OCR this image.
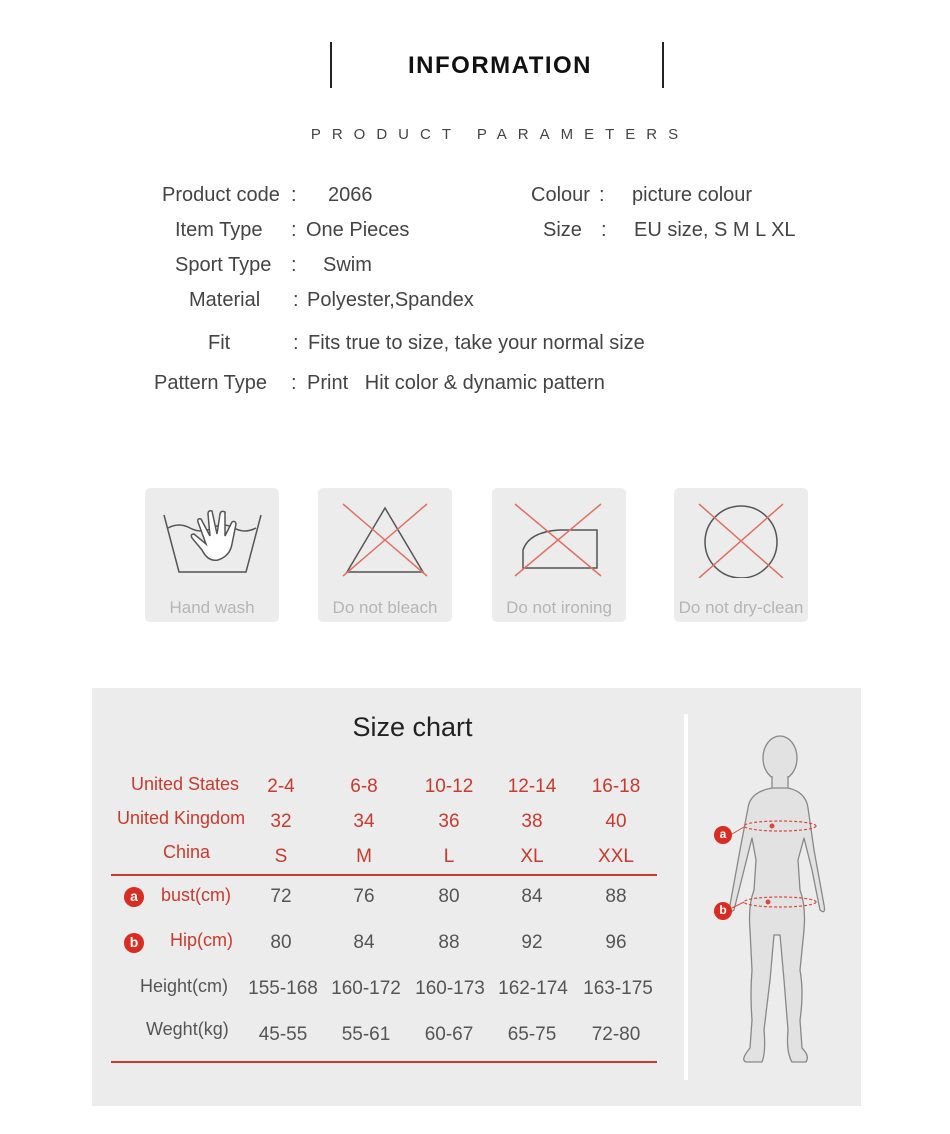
INFORMATION
PRODUCT PARAMETERS
Product code : 2066	Colour : picture colour
Item Type : One Pieces	Size : EU size, S M L XL
Sport Type : Swim
Material : Polyester,Spandex
Fit	: Fits true to size, take your normal size
Pattern Type : Print   Hit color & dynamic pattern
Hand wash	Do not bleach	Do not ironing	Do not dry-clean
Size chart
United States	2-4	6-8	10-12	12-14	16-18
United Kingdom	32	34	36	38	40
China	S	M	L	XL	XXL
a	bust(cm)	72	76	80	84	88
b	Hip(cm)	80	84	88	92	96
Height(cm)	155-168 160-172 160-173 162-174 163-175
Weght(kg)	45-55	55-61	60-67	65-75	72-80
a
b
